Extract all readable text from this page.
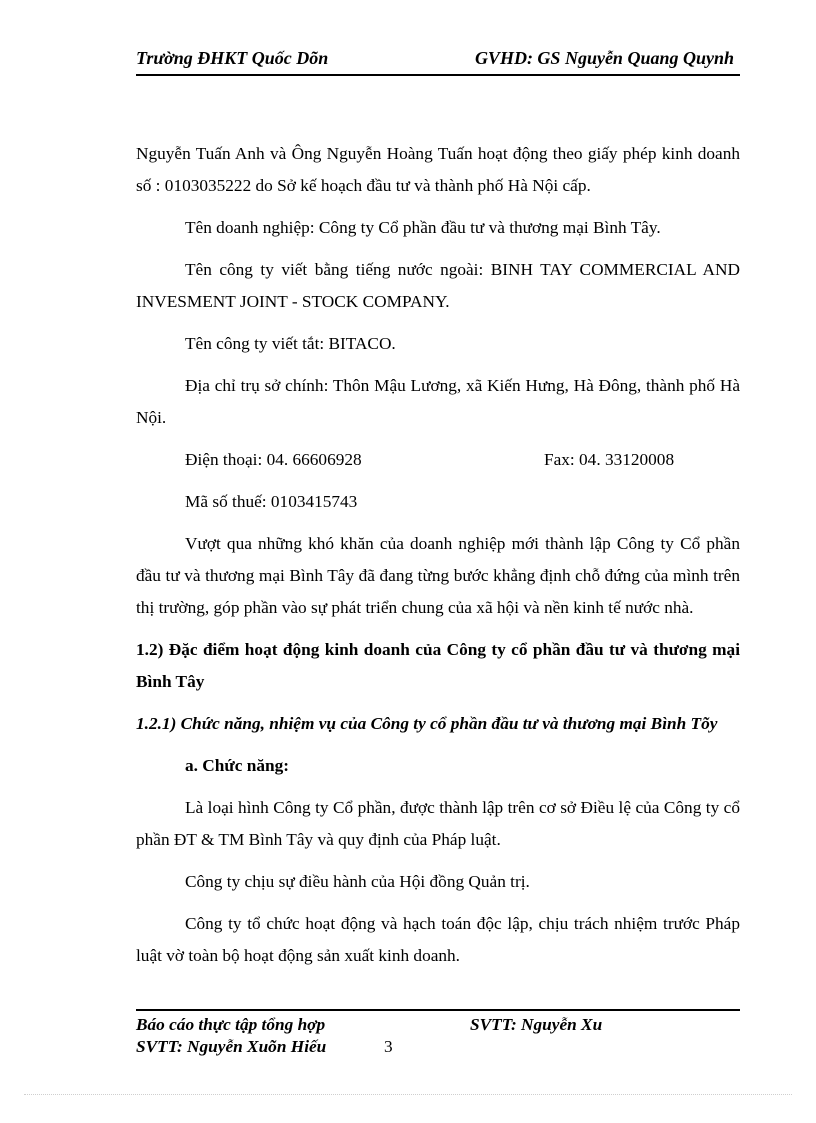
Trường ĐHKT Quốc Dõn	GVHD: GS Nguyễn Quang Quynh

Nguyễn Tuấn Anh và Ông Nguyễn Hoàng Tuấn hoạt động theo giấy phép kinh doanh số : 0103035222 do Sở kế hoạch đầu tư và thành phố Hà Nội cấp.

Tên doanh nghiệp: Công ty Cổ phần đầu tư và thương mại Bình Tây.

Tên công ty viết bằng tiếng nước ngoài: BINH TAY COMMERCIAL AND INVESMENT JOINT - STOCK COMPANY.

Tên công ty viết tắt: BITACO.

Địa chỉ trụ sở chính: Thôn Mậu Lương, xã Kiến Hưng, Hà Đông, thành phố Hà Nội.

Điện thoại: 04. 66606928	Fax: 04. 33120008

Mã số thuế: 0103415743

Vượt qua những khó khăn của doanh nghiệp mới thành lập Công ty Cổ phần đầu tư và thương mại Bình Tây đã đang từng bước khẳng định chỗ đứng của mình trên thị trường, góp phần vào sự phát triển chung của xã hội và nền kinh tế nước nhà.

1.2) Đặc điểm hoạt động kinh doanh của Công ty cổ phần đầu tư và thương mại Bình Tây

1.2.1) Chức năng, nhiệm vụ của Công ty cổ phần đầu tư và thương mại Bình Tõy

a. Chức năng:

Là loại hình Công ty Cổ phần, được thành lập trên cơ sở Điều lệ của Công ty cổ phần ĐT & TM Bình Tây và quy định của Pháp luật.

Công ty chịu sự điều hành của Hội đồng Quản trị.

Công ty tổ chức hoạt động và hạch toán độc lập, chịu trách nhiệm trước Pháp luật vờ toàn bộ hoạt động sản xuất kinh doanh.

Báo cáo thực tập tổng hợp	SVTT: Nguyễn Xu
SVTT: Nguyễn Xuõn Hiếu	3
